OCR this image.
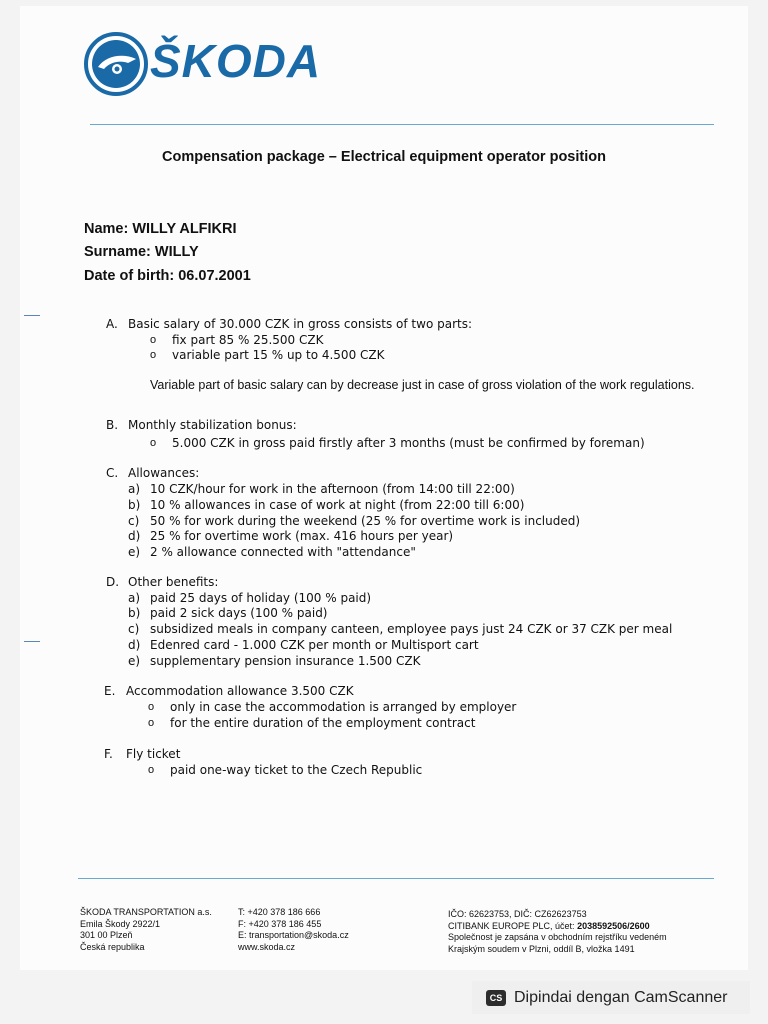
ŠKODA
Compensation package – Electrical equipment operator position
Name: WILLY ALFIKRI
Surname: WILLY
Date of birth: 06.07.2001
A. Basic salary of 30.000 CZK in gross consists of two parts:
o fix part 85 % 25.500 CZK
o variable part 15 % up to 4.500 CZK
Variable part of basic salary can by decrease just in case of gross violation of the work regulations.
B. Monthly stabilization bonus:
o 5.000 CZK in gross paid firstly after 3 months (must be confirmed by foreman)
C. Allowances:
a) 10 CZK/hour for work in the afternoon (from 14:00 till 22:00)
b) 10 % allowances in case of work at night (from 22:00 till 6:00)
c) 50 % for work during the weekend (25 % for overtime work is included)
d) 25 % for overtime work (max. 416 hours per year)
e) 2 % allowance connected with "attendance"
D. Other benefits:
a) paid 25 days of holiday (100 % paid)
b) paid 2 sick days (100 % paid)
c) subsidized meals in company canteen, employee pays just 24 CZK or 37 CZK per meal
d) Edenred card - 1.000 CZK per month or Multisport cart
e) supplementary pension insurance 1.500 CZK
E. Accommodation allowance 3.500 CZK
o only in case the accommodation is arranged by employer
o for the entire duration of the employment contract
F. Fly ticket
o paid one-way ticket to the Czech Republic
ŠKODA TRANSPORTATION a.s.
Emila Škody 2922/1
301 00 Plzeň
Česká republika
T: +420 378 186 666
F: +420 378 186 455
E: transportation@skoda.cz
www.skoda.cz
IČO: 62623753, DIČ: CZ62623753
CITIBANK EUROPE PLC, účet: 2038592506/2600
Společnost je zapsána v obchodním rejstříku vedeném
Krajským soudem v Plzni, oddíl B, vložka 1491
CS Dipindai dengan CamScanner
